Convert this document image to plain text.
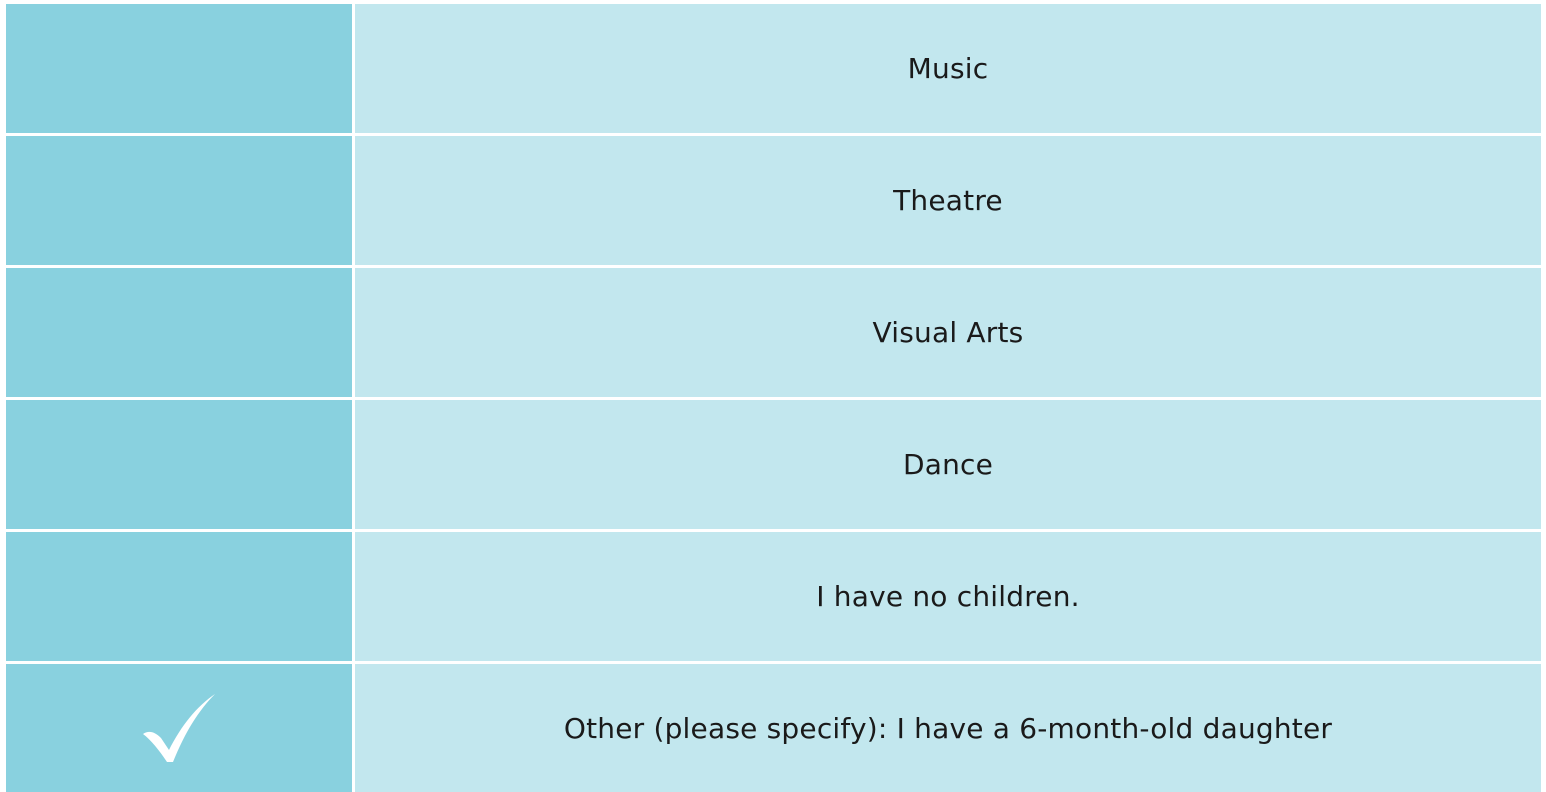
Music
Theatre
Visual Arts
Dance
I have no children.
Other (please specify): I have a 6-month-old daughter
